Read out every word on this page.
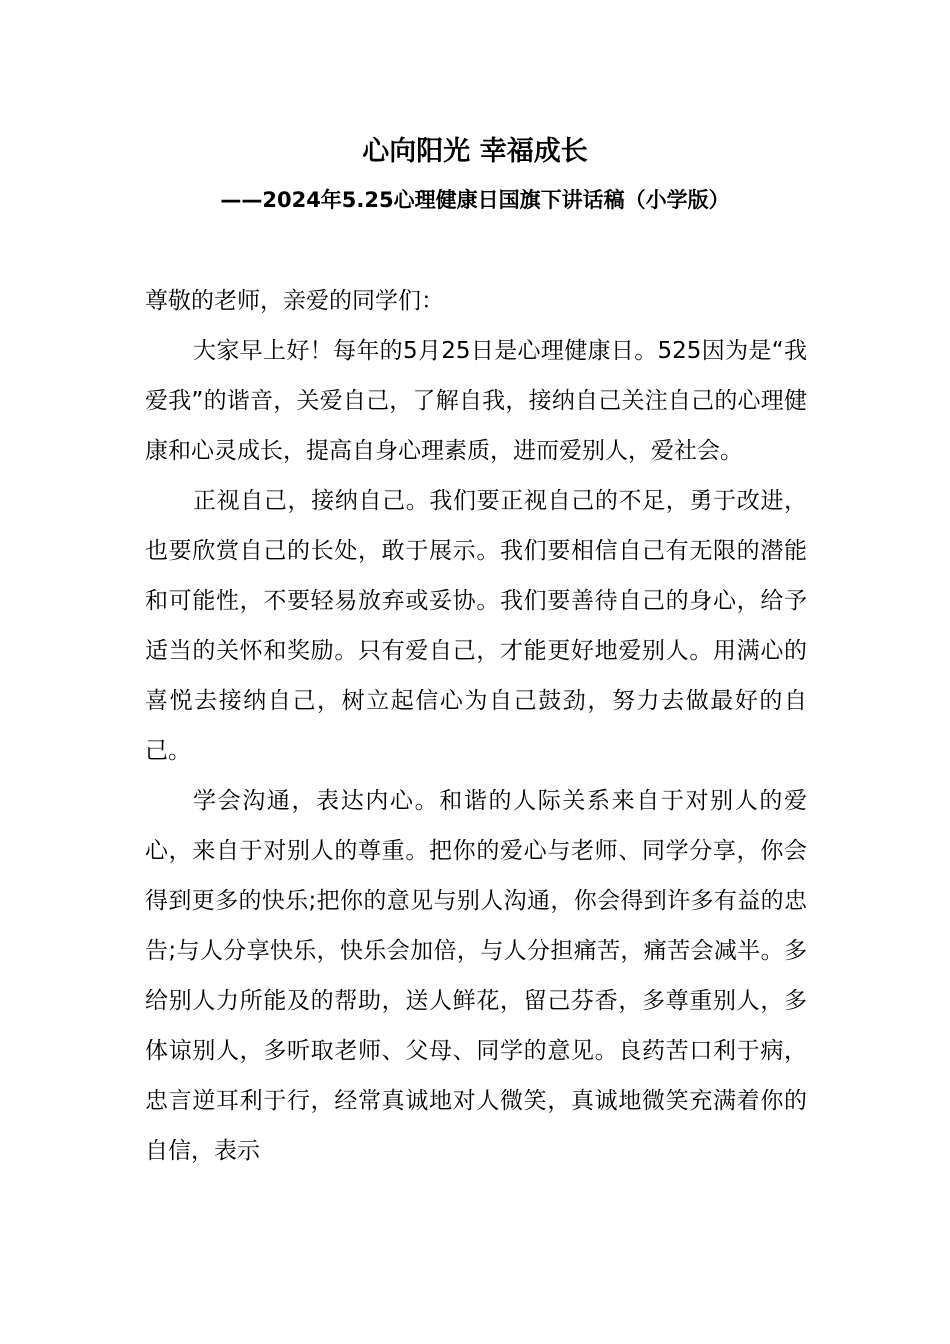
心向阳光 幸福成长
——2024年5.25心理健康日国旗下讲话稿（小学版）

尊敬的老师，亲爱的同学们：

大家早上好！每年的5月25日是心理健康日。525因为是“我爱我”的谐音，关爱自己，了解自我，接纳自己关注自己的心理健康和心灵成长，提高自身心理素质，进而爱别人，爱社会。

正视自己，接纳自己。我们要正视自己的不足，勇于改进，也要欣赏自己的长处，敢于展示。我们要相信自己有无限的潜能和可能性，不要轻易放弃或妥协。我们要善待自己的身心，给予适当的关怀和奖励。只有爱自己，才能更好地爱别人。用满心的喜悦去接纳自己，树立起信心为自己鼓劲，努力去做最好的自己。

学会沟通，表达内心。和谐的人际关系来自于对别人的爱心，来自于对别人的尊重。把你的爱心与老师、同学分享，你会得到更多的快乐;把你的意见与别人沟通，你会得到许多有益的忠告;与人分享快乐，快乐会加倍，与人分担痛苦，痛苦会减半。多给别人力所能及的帮助，送人鲜花，留己芬香，多尊重别人，多体谅别人，多听取老师、父母、同学的意见。良药苦口利于病，忠言逆耳利于行，经常真诚地对人微笑，真诚地微笑充满着你的自信，表示
